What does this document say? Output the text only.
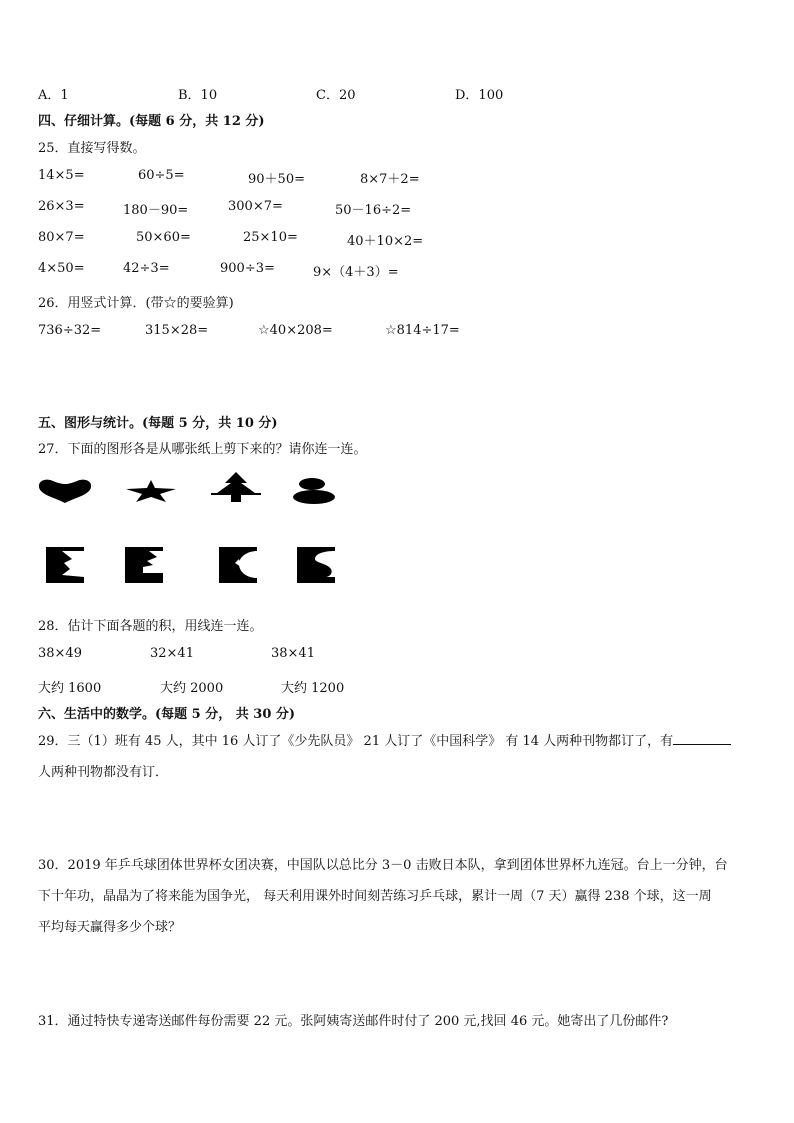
A．1	B．10	C．20	D．100
四、仔细计算。(每题 6 分，共 12 分)
25．直接写得数。
14×5=	60÷5=	90＋50=	8×7＋2=
26×3=	180－90=	300×7=	50－16÷2=
80×7=	50×60=	25×10=	40＋10×2=
4×50=	42÷3=	900÷3=	9×（4＋3）=
26．用竖式计算．(带☆的要验算)
736÷32=	315×28=	☆40×208=	☆814÷17=
五、图形与统计。(每题 5 分，共 10 分)
27．下面的图形各是从哪张纸上剪下来的？请你连一连。
28．估计下面各题的积，用线连一连。
38×49	32×41	38×41
大约 1600	大约 2000	大约 1200
六、生活中的数学。(每题 5 分， 共 30 分)
29．三（1）班有 45 人，其中 16 人订了《少先队员》 21 人订了《中国科学》 有 14 人两种刊物都订了，有
人两种刊物都没有订．
30．2019 年乒乓球团体世界杯女团决赛，中国队以总比分 3－0 击败日本队，拿到团体世界杯九连冠。台上一分钟，台
下十年功，晶晶为了将来能为国争光， 每天利用课外时间刻苦练习乒乓球，累计一周（7 天）赢得 238 个球，这一周
平均每天赢得多少个球？
31．通过特快专递寄送邮件每份需要 22 元。张阿姨寄送邮件时付了 200 元,找回 46 元。她寄出了几份邮件?
